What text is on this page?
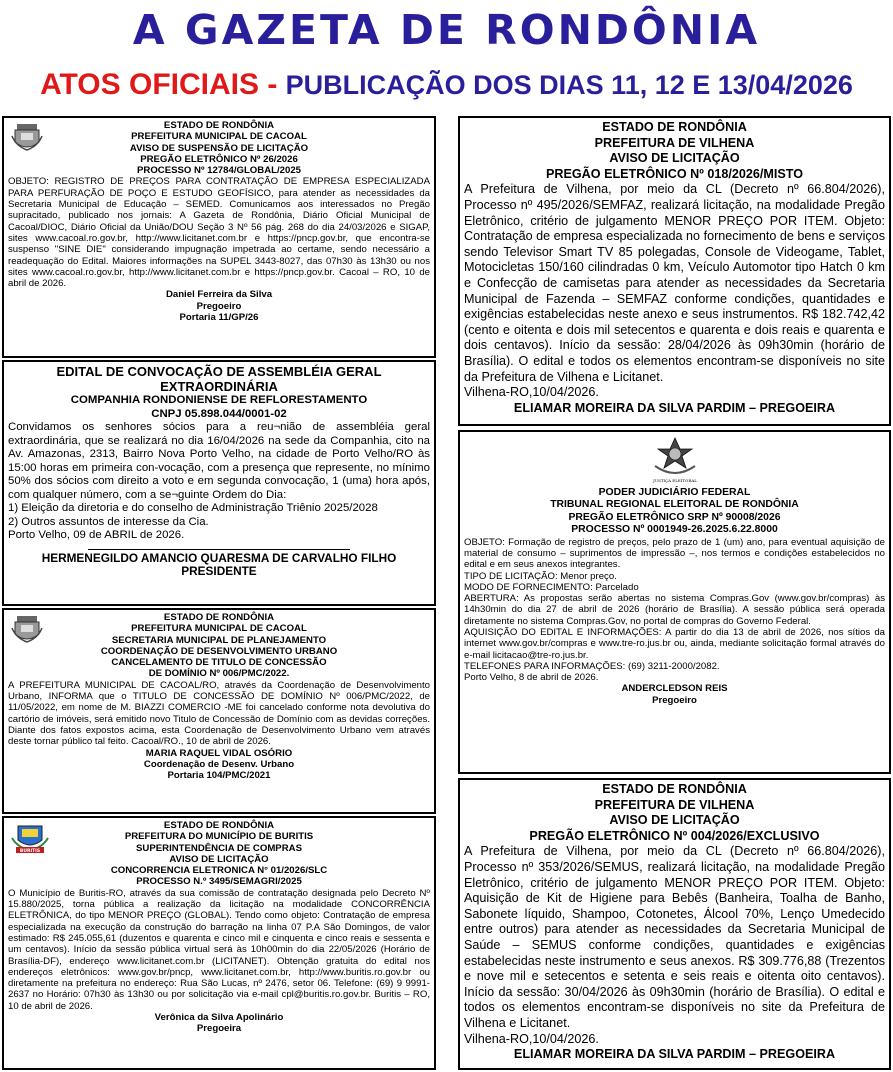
A GAZETA DE RONDÔNIA
ATOS OFICIAIS - PUBLICAÇÃO DOS DIAS 11, 12 E 13/04/2026
ESTADO DE RONDÔNIA
PREFEITURA MUNICIPAL DE CACOAL
AVISO DE SUSPENSÃO DE LICITAÇÃO
PREGÃO ELETRÔNICO Nº 26/2026
PROCESSO Nº 12784/GLOBAL/2025
OBJETO: REGISTRO DE PREÇOS PARA CONTRATAÇÃO DE EMPRESA ESPECIALIZADA PARA PERFURAÇÃO DE POÇO E ESTUDO GEOFÍSICO, para atender as necessidades da Secretaria Municipal de Educação – SEMED. Comunicamos aos interessados no Pregão supracitado, publicado nos jornais: A Gazeta de Rondônia, Diário Oficial Municipal de Cacoal/DIOC, Diário Oficial da União/DOU Seção 3 Nº 56 pág. 268 do dia 24/03/2026 e SIGAP, sites www.cacoal.ro.gov.br, http://www.licitanet.com.br e https://pncp.gov.br, que encontra-se suspenso "SINE DIE" considerando impugnação impetrada ao certame, sendo necessário a readequação do Edital. Maiores informações na SUPEL 3443-8027, das 07h30 às 13h30 ou nos sites www.cacoal.ro.gov.br, http://www.licitanet.com.br e https://pncp.gov.br. Cacoal – RO, 10 de abril de 2026.
Daniel Ferreira da Silva
Pregoeiro
Portaria 11/GP/26
EDITAL DE CONVOCAÇÃO DE ASSEMBLÉIA GERAL EXTRAORDINÁRIA
COMPANHIA RONDONIENSE DE REFLORESTAMENTO
CNPJ 05.898.044/0001-02
Convidamos os senhores sócios para a reu¬nião de assembléia geral extraordinária, que se realizará no dia 16/04/2026 na sede da Companhia, cito na Av. Amazonas, 2313, Bairro Nova Porto Velho, na cidade de Porto Velho/RO às 15:00 horas em primeira con-vocação, com a presença que represente, no mínimo 50% dos sócios com direito a voto e em segunda convocação, 1 (uma) hora após, com qualquer número, com a se¬guinte Ordem do Dia:
1) Eleição da diretoria e do conselho de Administração Triênio 2025/2028
2) Outros assuntos de interesse da Cia.
Porto Velho, 09 de ABRIL de 2026.
HERMENEGILDO AMANCIO QUARESMA DE CARVALHO FILHO
PRESIDENTE
ESTADO DE RONDÔNIA
PREFEITURA MUNICIPAL DE CACOAL
SECRETARIA MUNICIPAL DE PLANEJAMENTO
COORDENAÇÃO DE DESENVOLVIMENTO URBANO
CANCELAMENTO DE TITULO DE CONCESSÃO
DE DOMÍNIO Nº 006/PMC/2022.
A PREFEITURA MUNICIPAL DE CACOAL/RO, através da Coordenação de Desenvolvimento Urbano, INFORMA que o TITULO DE CONCESSÃO DE DOMÍNIO Nº 006/PMC/2022, de 11/05/2022, em nome de M. BIAZZI COMERCIO -ME foi cancelado conforme nota devolutiva do cartório de imóveis, será emitido novo Titulo de Concessão de Domínio com as devidas correções. Diante dos fatos expostos acima, esta Coordenação de Desenvolvimento Urbano vem através deste tornar público tal feito. Cacoal/RO., 10 de abril de 2026.
MARIA RAQUEL VIDAL OSÓRIO
Coordenação de Desenv. Urbano
Portaria 104/PMC/2021
BURITIS
ESTADO DE RONDÔNIA
PREFEITURA DO MUNICÍPIO DE BURITIS
SUPERINTENDÊNCIA DE COMPRAS
AVISO DE LICITAÇÃO
CONCORRENCIA ELETRONICA N° 01/2026/SLC
PROCESSO N.º 3495/SEMAGRI/2025
O Município de Buritis-RO, através da sua comissão de contratação designada pelo Decreto Nº 15.880/2025, torna pública a realização da licitação na modalidade CONCORRÊNCIA ELETRÔNICA, do tipo MENOR PREÇO (GLOBAL). Tendo como objeto: Contratação de empresa especializada na execução da construção do barração na linha 07 P.A São Domingos, de valor estimado: R$ 245.055,61 (duzentos e quarenta e cinco mil e cinquenta e cinco reais e sessenta e um centavos). Início da sessão pública virtual será às 10h00min do dia 22/05/2026 (Horário de Brasília-DF), endereço www.licitanet.com.br (LICITANET). Obtenção gratuita do edital nos endereços eletrônicos: www.gov.br/pncp, www.licitanet.com.br, http://www.buritis.ro.gov.br ou diretamente na prefeitura no endereço: Rua São Lucas, nº 2476, setor 06. Telefone: (69) 9 9991-2637 no Horário: 07h30 às 13h30 ou por solicitação via e-mail cpl@buritis.ro.gov.br. Buritis – RO, 10 de abril de 2026.
Verônica da Silva Apolinário
Pregoeira
ESTADO DE RONDÔNIA
PREFEITURA DE VILHENA
AVISO DE LICITAÇÃO
PREGÃO ELETRÔNICO Nº 018/2026/MISTO
A Prefeitura de Vilhena, por meio da CL (Decreto nº 66.804/2026), Processo nº 495/2026/SEMFAZ, realizará licitação, na modalidade Pregão Eletrônico, critério de julgamento MENOR PREÇO POR ITEM. Objeto: Contratação de empresa especializada no fornecimento de bens e serviços sendo Televisor Smart TV 85 polegadas, Console de Videogame, Tablet, Motocicletas 150/160 cilindradas 0 km, Veículo Automotor tipo Hatch 0 km e Confecção de camisetas para atender as necessidades da Secretaria Municipal de Fazenda – SEMFAZ conforme condições, quantidades e exigências estabelecidas neste anexo e seus instrumentos. R$ 182.742,42 (cento e oitenta e dois mil setecentos e quarenta e dois reais e quarenta e dois centavos). Início da sessão: 28/04/2026 às 09h30min (horário de Brasília). O edital e todos os elementos encontram-se disponíveis no site da Prefeitura de Vilhena e Licitanet.
Vilhena-RO,10/04/2026.
ELIAMAR MOREIRA DA SILVA PARDIM – PREGOEIRA
JUSTIÇA ELEITORAL
PODER JUDICIÁRIO FEDERAL
TRIBUNAL REGIONAL ELEITORAL DE RONDÔNIA
PREGÃO ELETRÔNICO SRP Nº 90008/2026
PROCESSO Nº 0001949-26.2025.6.22.8000
OBJETO: Formação de registro de preços, pelo prazo de 1 (um) ano, para eventual aquisição de material de consumo – suprimentos de impressão –, nos termos e condições estabelecidos no edital e em seus anexos integrantes.
TIPO DE LICITAÇÃO: Menor preço.
MODO DE FORNECIMENTO: Parcelado
ABERTURA: As propostas serão abertas no sistema Compras.Gov (www.gov.br/compras) às 14h30min do dia 27 de abril de 2026 (horário de Brasília). A sessão pública será operada diretamente no sistema Compras.Gov, no portal de compras do Governo Federal.
AQUISIÇÃO DO EDITAL E INFORMAÇÕES: A partir do dia 13 de abril de 2026, nos sítios da internet www.gov.br/compras e www.tre-ro.jus.br ou, ainda, mediante solicitação formal através do e-mail licitacao@tre-ro.jus.br.
TELEFONES PARA INFORMAÇÕES: (69) 3211-2000/2082.
Porto Velho, 8 de abril de 2026.
ANDERCLEDSON REIS
Pregoeiro
ESTADO DE RONDÔNIA
PREFEITURA DE VILHENA
AVISO DE LICITAÇÃO
PREGÃO ELETRÔNICO Nº 004/2026/EXCLUSIVO
A Prefeitura de Vilhena, por meio da CL (Decreto nº 66.804/2026), Processo nº 353/2026/SEMUS, realizará licitação, na modalidade Pregão Eletrônico, critério de julgamento MENOR PREÇO POR ITEM. Objeto: Aquisição de Kit de Higiene para Bebês (Banheira, Toalha de Banho, Sabonete líquido, Shampoo, Cotonetes, Álcool 70%, Lenço Umedecido entre outros) para atender as necessidades da Secretaria Municipal de Saúde – SEMUS conforme condições, quantidades e exigências estabelecidas neste instrumento e seus anexos. R$ 309.776,88 (Trezentos e nove mil e setecentos e setenta e seis reais e oitenta oito centavos). Início da sessão: 30/04/2026 às 09h30min (horário de Brasília). O edital e todos os elementos encontram-se disponíveis no site da Prefeitura de Vilhena e Licitanet.
Vilhena-RO,10/04/2026.
ELIAMAR MOREIRA DA SILVA PARDIM – PREGOEIRA
